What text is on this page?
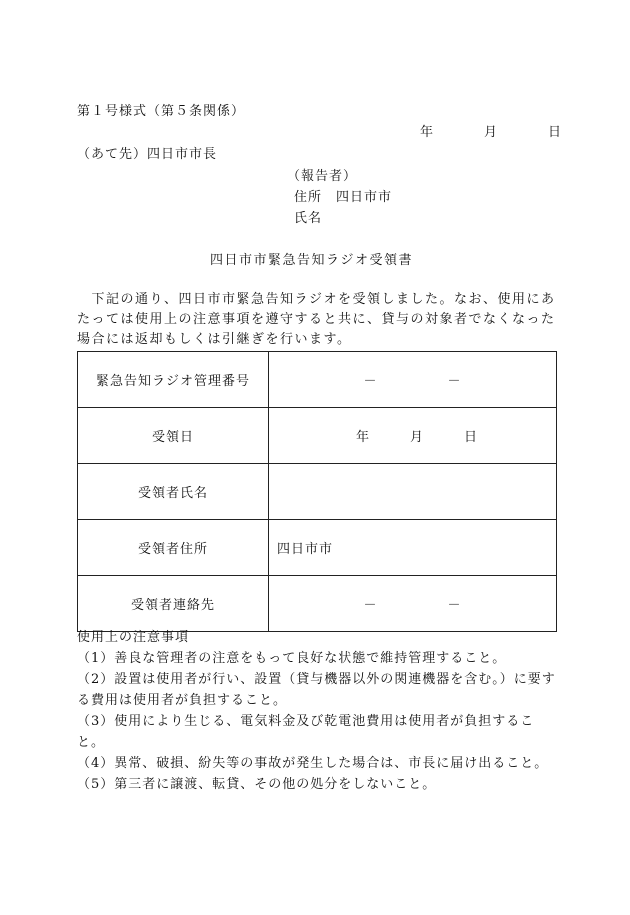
第１号様式（第５条関係）
年	月	日
（あて先）四日市市長
（報告者）
住所 四日市市
氏名
四日市市緊急告知ラジオ受領書
　下記の通り、四日市市緊急告知ラジオを受領しました。なお、使用にあたっては使用上の注意事項を遵守すると共に、貸与の対象者でなくなった場合には返却もしくは引継ぎを行います。
緊急告知ラジオ管理番号	－ －
受領日	年 月 日
受領者氏名	
受領者住所	四日市市
受領者連絡先	－ －
使用上の注意事項
（1）善良な管理者の注意をもって良好な状態で維持管理すること。
（2）設置は使用者が行い、設置（貸与機器以外の関連機器を含む。）に要する費用は使用者が負担すること。
（3）使用により生じる、電気料金及び乾電池費用は使用者が負担すること。
（4）異常、破損、紛失等の事故が発生した場合は、市長に届け出ること。
（5）第三者に譲渡、転貸、その他の処分をしないこと。
